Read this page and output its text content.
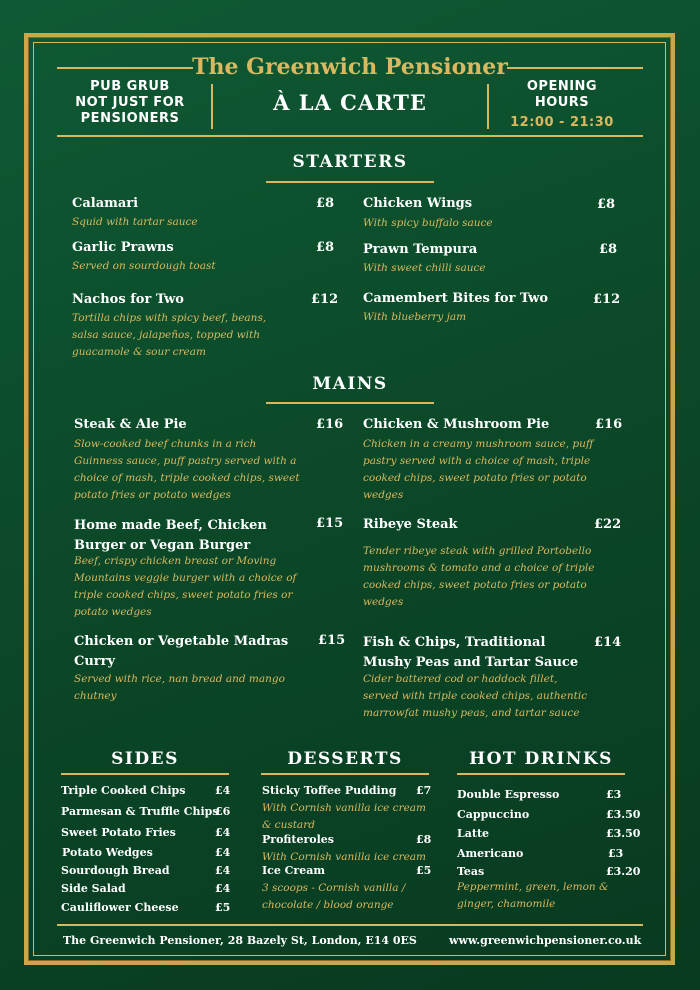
The Greenwich Pensioner
PUB GRUB
NOT JUST FOR
PENSIONERS
À LA CARTE
OPENING
HOURS
12:00 - 21:30
STARTERS
Calamari	£8
Squid with tartar sauce
Garlic Prawns	£8
Served on sourdough toast
Nachos for Two	£12
Tortilla chips with spicy beef, beans, salsa sauce, jalapeños, topped with guacamole & sour cream
Chicken Wings	£8
With spicy buffalo sauce
Prawn Tempura	£8
With sweet chilli sauce
Camembert Bites for Two	£12
With blueberry jam
MAINS
Steak & Ale Pie	£16
Slow-cooked beef chunks in a rich Guinness sauce, puff pastry served with a choice of mash, triple cooked chips, sweet potato fries or potato wedges
Home made Beef, Chicken Burger or Vegan Burger
£15
Beef, crispy chicken breast or Moving Mountains veggie burger with a choice of triple cooked chips, sweet potato fries or potato wedges
Chicken or Vegetable Madras Curry
£15
Served with rice, nan bread and mango chutney
Chicken & Mushroom Pie	£16
Chicken in a creamy mushroom sauce, puff pastry served with a choice of mash, triple cooked chips, sweet potato fries or potato wedges
Ribeye Steak	£22
Tender ribeye steak with grilled Portobello mushrooms & tomato and a choice of triple cooked chips, sweet potato fries or potato wedges
Fish & Chips, Traditional Mushy Peas and Tartar Sauce
£14
Cider battered cod or haddock fillet, served with triple cooked chips, authentic marrowfat mushy peas, and tartar sauce
SIDES
Triple Cooked Chips	£4
Parmesan & Truffle Chips
£6
Sweet Potato Fries	£4
Potato Wedges	£4
Sourdough Bread	£4
Side Salad	£4
Cauliflower Cheese	£5
DESSERTS
Sticky Toffee Pudding £7
With Cornish vanilla ice cream & custard
Profiteroles	£8
With Cornish vanilla ice cream
Ice Cream	£5
3 scoops - Cornish vanilla / chocolate / blood orange
HOT DRINKS
Double Espresso	£3
Cappuccino	£3.50
Latte	£3.50
Americano	£3
Teas	£3.20
Peppermint, green, lemon & ginger, chamomile
The Greenwich Pensioner, 28 Bazely St, London, E14 0ES	www.greenwichpensioner.co.uk
